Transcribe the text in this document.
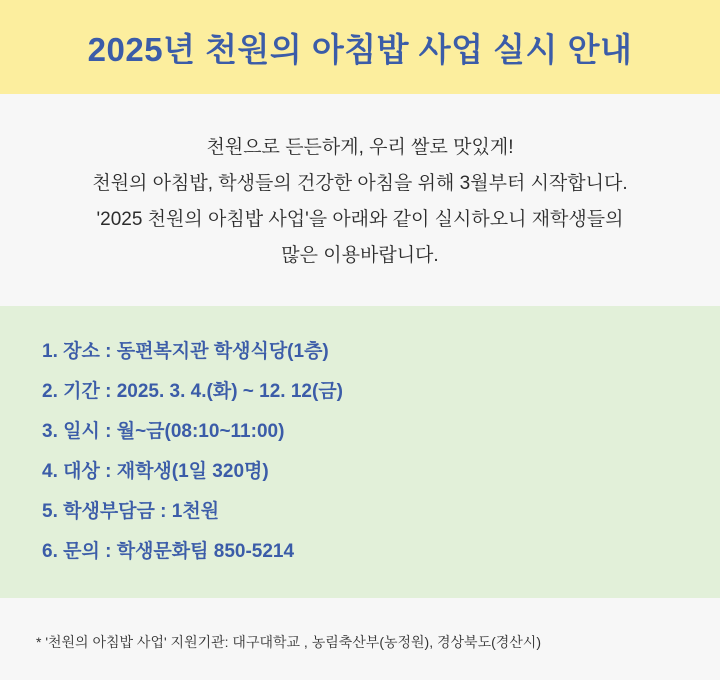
2025년 천원의 아침밥 사업 실시 안내
천원으로 든든하게, 우리 쌀로 맛있게!
천원의 아침밥, 학생들의 건강한 아침을 위해 3월부터 시작합니다.
'2025 천원의 아침밥 사업'을 아래와 같이 실시하오니 재학생들의
많은 이용바랍니다.
1. 장소 : 동편복지관 학생식당(1층)
2. 기간 : 2025. 3. 4.(화) ~ 12. 12(금)
3. 일시 : 월~금(08:10~11:00)
4. 대상 : 재학생(1일 320명)
5. 학생부담금 : 1천원
6. 문의 : 학생문화팀 850-5214
* '천원의 아침밥 사업' 지원기관: 대구대학교 , 농림축산부(농정원), 경상북도(경산시)
